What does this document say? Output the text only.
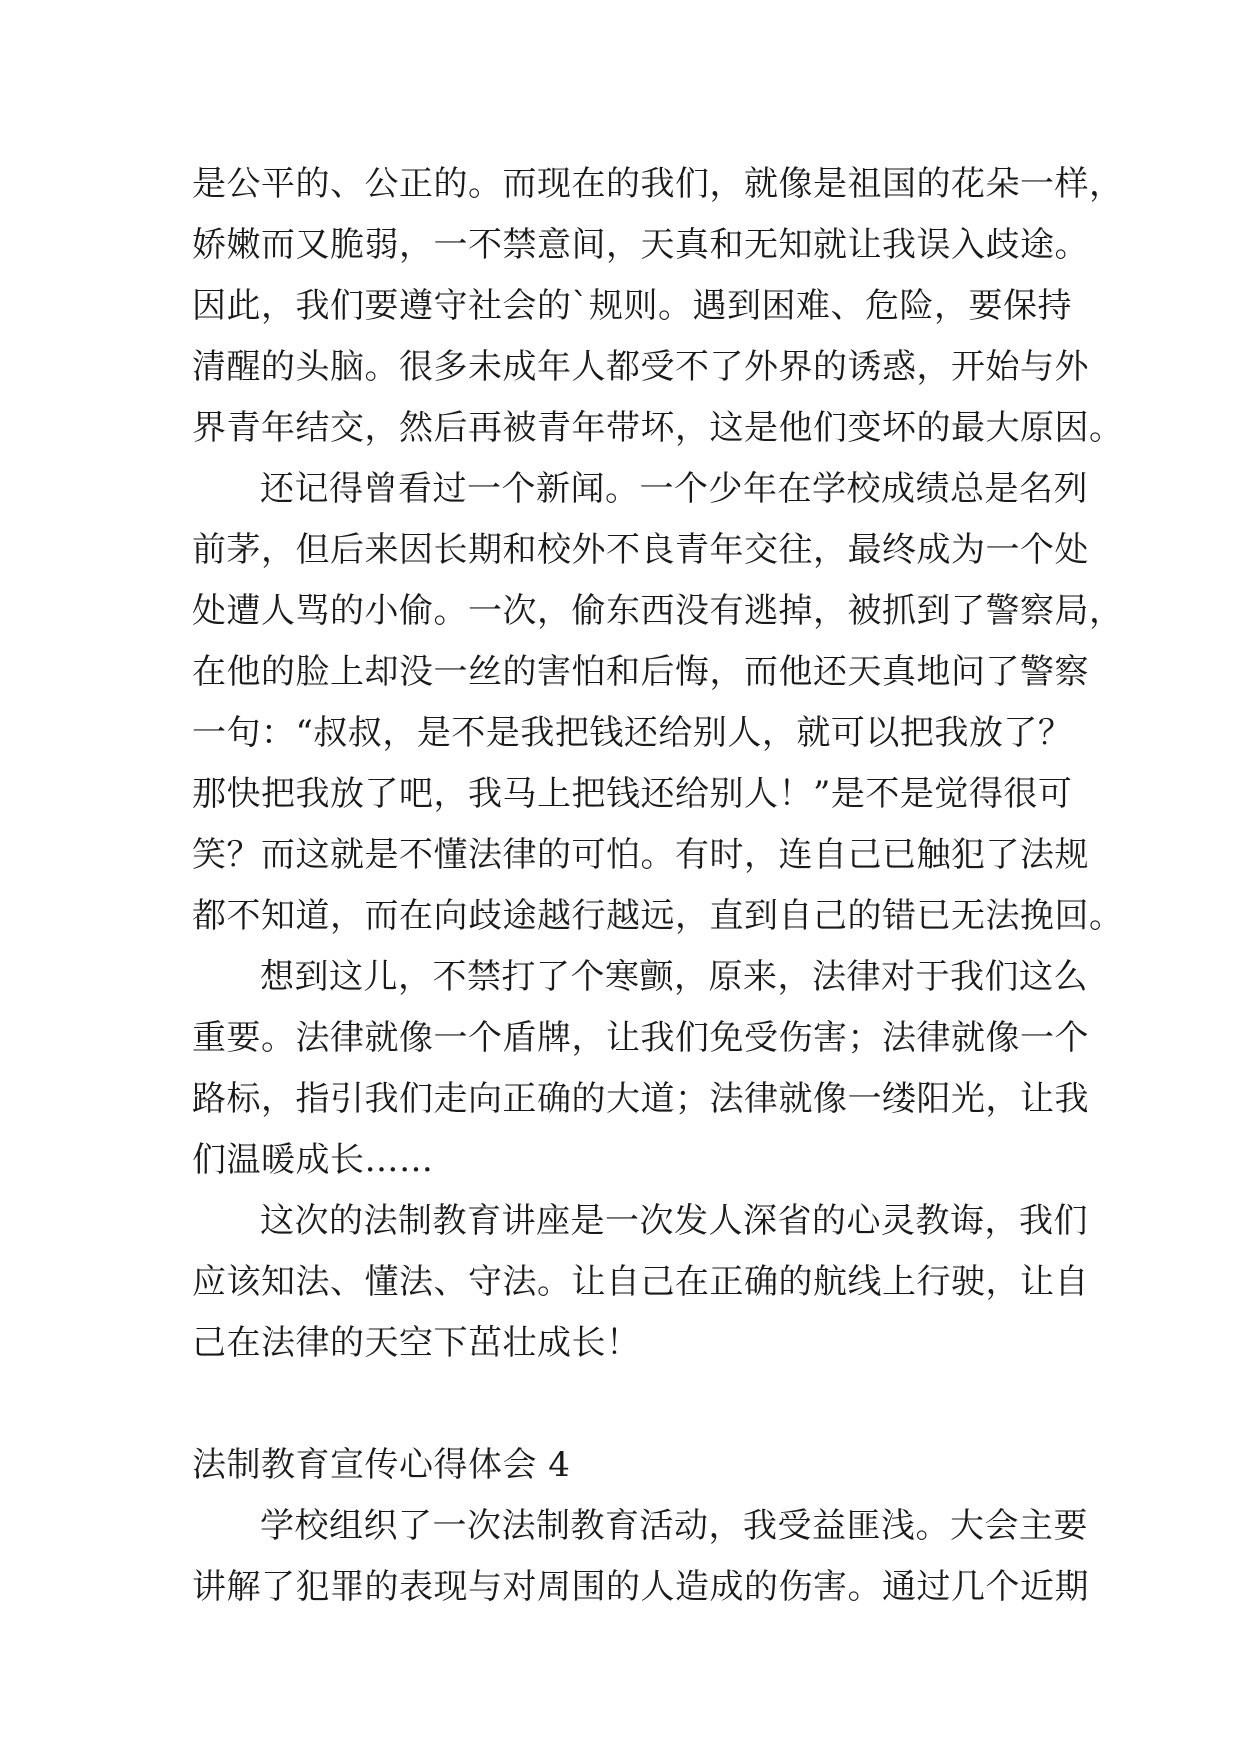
是公平的、公正的。而现在的我们，就像是祖国的花朵一样，
娇嫩而又脆弱，一不禁意间，天真和无知就让我误入歧途。
因此，我们要遵守社会的`规则。遇到困难、危险，要保持
清醒的头脑。很多未成年人都受不了外界的诱惑，开始与外
界青年结交，然后再被青年带坏，这是他们变坏的最大原因。
还记得曾看过一个新闻。一个少年在学校成绩总是名列
前茅，但后来因长期和校外不良青年交往，最终成为一个处
处遭人骂的小偷。一次，偷东西没有逃掉，被抓到了警察局，
在他的脸上却没一丝的害怕和后悔，而他还天真地问了警察
一句：“叔叔，是不是我把钱还给别人，就可以把我放了？
那快把我放了吧，我马上把钱还给别人！”是不是觉得很可
笑？而这就是不懂法律的可怕。有时，连自己已触犯了法规
都不知道，而在向歧途越行越远，直到自己的错已无法挽回。
想到这儿，不禁打了个寒颤，原来，法律对于我们这么
重要。法律就像一个盾牌，让我们免受伤害；法律就像一个
路标，指引我们走向正确的大道；法律就像一缕阳光，让我
们温暖成长……
这次的法制教育讲座是一次发人深省的心灵教诲，我们
应该知法、懂法、守法。让自己在正确的航线上行驶，让自
己在法律的天空下茁壮成长！
法制教育宣传心得体会 4
学校组织了一次法制教育活动，我受益匪浅。大会主要
讲解了犯罪的表现与对周围的人造成的伤害。通过几个近期
